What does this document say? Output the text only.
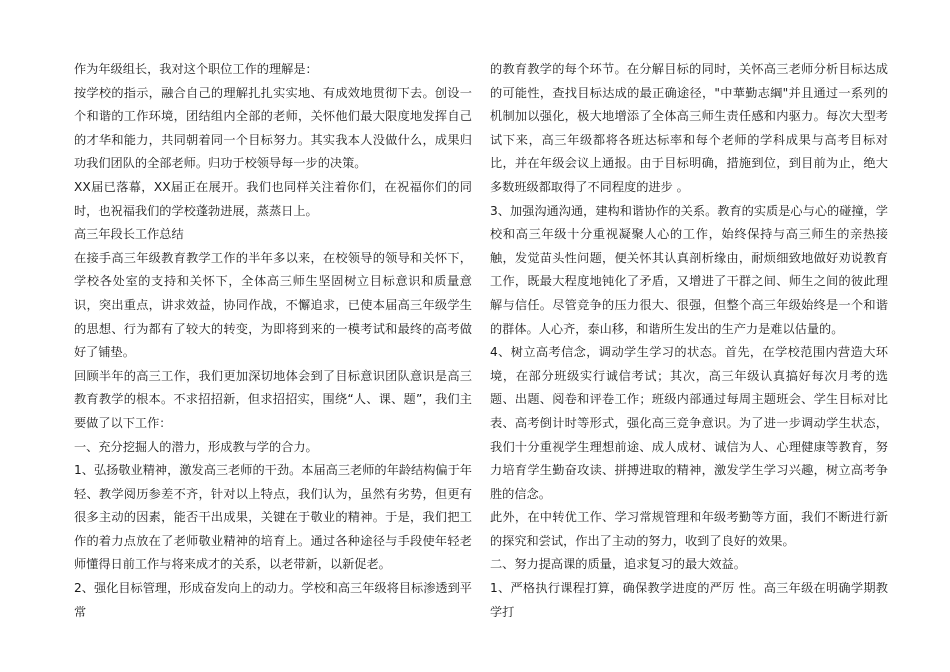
作为年级组长，我对这个职位工作的理解是：

按学校的指示，融合自己的理解扎扎实实地、有成效地贯彻下去。创设一个和谐的工作环境，团结组内全部的老师，关怀他们最大限度地发挥自己的才华和能力，共同朝着同一个目标努力。其实我本人没做什么，成果归功我们团队的全部老师。归功于校领导每一步的决策。

XX届已落幕，XX届正在展开。我们也同样关注着你们，在祝福你们的同时，也祝福我们的学校蓬勃进展，蒸蒸日上。

高三年段长工作总结

在接手高三年级教育教学工作的半年多以来，在校领导的领导和关怀下，学校各处室的支持和关怀下，全体高三师生坚固树立目标意识和质量意识，突出重点，讲求效益，协同作战，不懈追求，已使本届高三年级学生的思想、行为都有了较大的转变，为即将到来的一模考试和最终的高考做好了铺垫。

回顾半年的高三工作，我们更加深切地体会到了目标意识团队意识是高三教育教学的根本。不求招招新，但求招招实，围绕“人、课、题”，我们主要做了以下工作：

一、充分挖掘人的潜力，形成教与学的合力。

1、弘扬敬业精神，激发高三老师的干劲。本届高三老师的年龄结构偏于年轻、教学阅历参差不齐，针对以上特点，我们认为，虽然有劣势，但更有很多主动的因素，能否干出成果，关键在于敬业的精神。于是，我们把工作的着力点放在了老师敬业精神的培育上。通过各种途径与手段使年轻老师懂得日前工作与将来成才的关系，以老带新，以新促老。

2、强化目标管理，形成奋发向上的动力。学校和高三年级将目标渗透到平常

的教育教学的每个环节。在分解目标的同时，关怀高三老师分析目标达成的可能性，查找目标达成的最正确途径，"中華勤志綱"并且通过一系列的机制加以强化，极大地增添了全体高三师生责任感和内驱力。每次大型考试下来，高三年级都将各班达标率和每个老师的学科成果与高考目标对比，并在年级会议上通报。由于目标明确，措施到位，到目前为止，绝大多数班级都取得了不同程度的进步 。

3、加强沟通沟通，建构和谐协作的关系。教育的实质是心与心的碰撞，学校和高三年级十分重视凝聚人心的工作，始终保持与高三师生的亲热接触，发觉苗头性问题，便关怀其认真剖析缘由，耐烦细致地做好劝说教育工作，既最大程度地钝化了矛盾，又增进了干群之间、师生之间的彼此理解与信任。尽管竞争的压力很大、很强，但整个高三年级始终是一个和谐的群体。人心齐，泰山移，和谐所生发出的生产力是难以估量的。

4、树立高考信念，调动学生学习的状态。首先，在学校范围内营造大环境，在部分班级实行诚信考试；其次，高三年级认真搞好每次月考的选题、出题、阅卷和评卷工作；班级内部通过每周主题班会、学生目标对比表、高考倒计时等形式，强化高三竞争意识。为了进一步调动学生状态，我们十分重视学生理想前途、成人成材、诚信为人、心理健康等教育，努力培育学生勤奋攻读、拼搏进取的精神，激发学生学习兴趣，树立高考争胜的信念。

此外，在中转优工作、学习常规管理和年级考勤等方面，我们不断进行新的探究和尝试，作出了主动的努力，收到了良好的效果。

二、努力提高课的质量，追求复习的最大效益。

1、严格执行课程打算，确保教学进度的严厉 性。高三年级在明确学期教学打
